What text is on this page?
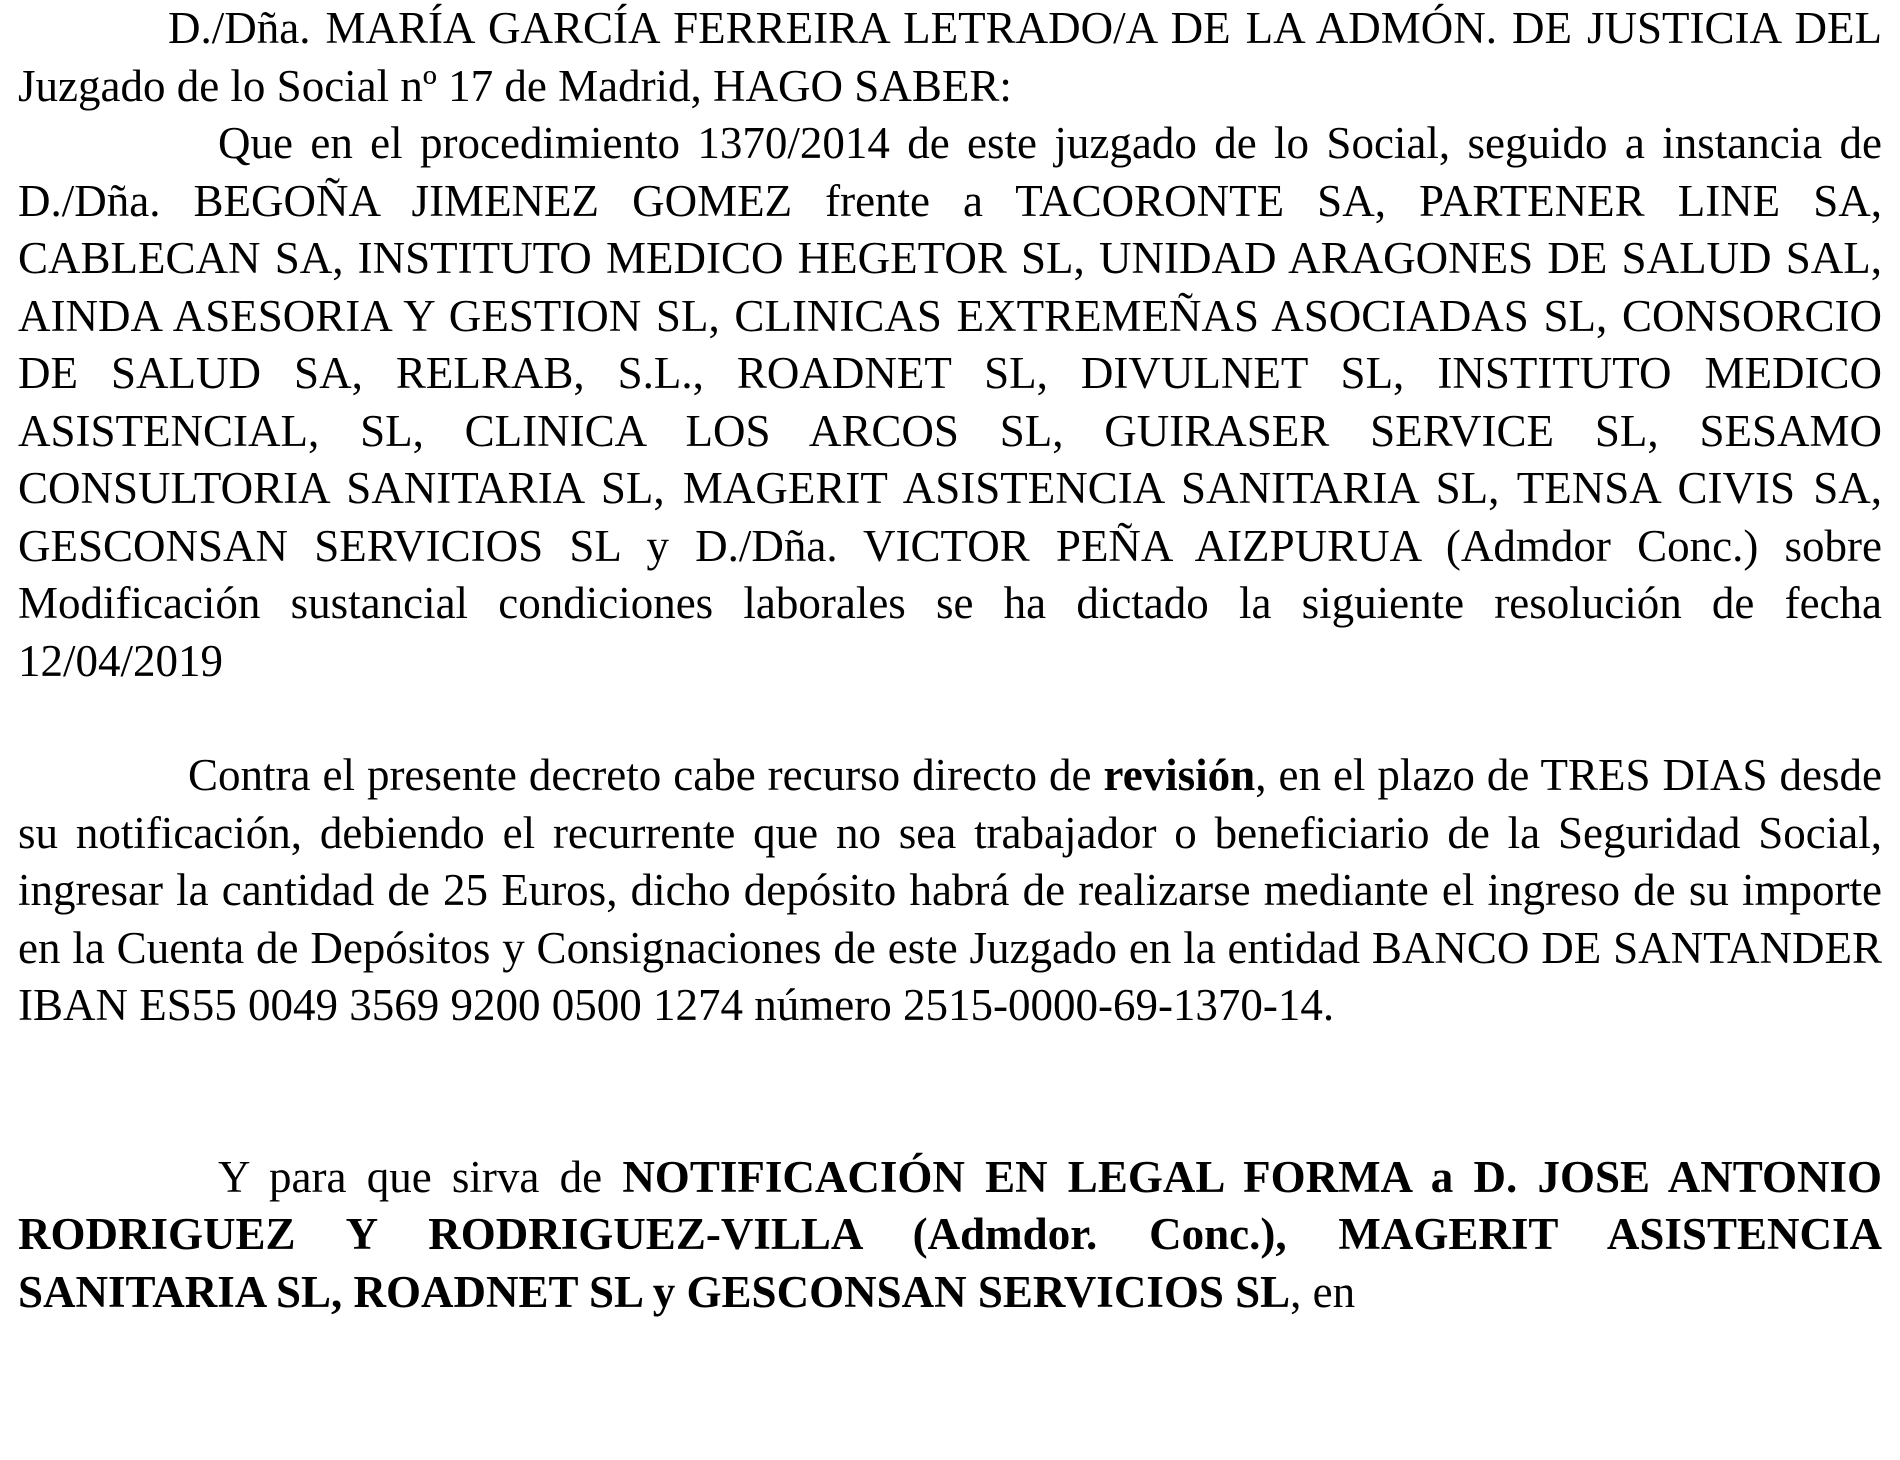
D./Dña. MARÍA GARCÍA FERREIRA LETRADO/A DE LA ADMÓN. DE JUSTICIA DEL Juzgado de lo Social nº 17 de Madrid, HAGO SABER:

Que en el procedimiento 1370/2014 de este juzgado de lo Social, seguido a instancia de D./Dña. BEGOÑA JIMENEZ GOMEZ frente a TACORONTE SA, PARTENER LINE SA, CABLECAN SA, INSTITUTO MEDICO HEGETOR SL, UNIDAD ARAGONES DE SALUD SAL, AINDA ASESORIA Y GESTION SL, CLINICAS EXTREMEÑAS ASOCIADAS SL, CONSORCIO DE SALUD SA, RELRAB, S.L., ROADNET SL, DIVULNET SL, INSTITUTO MEDICO ASISTENCIAL, SL, CLINICA LOS ARCOS SL, GUIRASER SERVICE SL, SESAMO CONSULTORIA SANITARIA SL, MAGERIT ASISTENCIA SANITARIA SL, TENSA CIVIS SA, GESCONSAN SERVICIOS SL y D./Dña. VICTOR PEÑA AIZPURUA (Admdor Conc.) sobre Modificación sustancial condiciones laborales se ha dictado la siguiente resolución de fecha 12/04/2019

Contra el presente decreto cabe recurso directo de revisión, en el plazo de TRES DIAS desde su notificación, debiendo el recurrente que no sea trabajador o beneficiario de la Seguridad Social, ingresar la cantidad de 25 Euros, dicho depósito habrá de realizarse mediante el ingreso de su importe en la Cuenta de Depósitos y Consignaciones de este Juzgado en la entidad BANCO DE SANTANDER IBAN ES55 0049 3569 9200 0500 1274 número 2515-0000-69-1370-14.

Y para que sirva de NOTIFICACIÓN EN LEGAL FORMA a D. JOSE ANTONIO RODRIGUEZ Y RODRIGUEZ-VILLA (Admdor. Conc.), MAGERIT ASISTENCIA SANITARIA SL, ROADNET SL y GESCONSAN SERVICIOS SL, en
